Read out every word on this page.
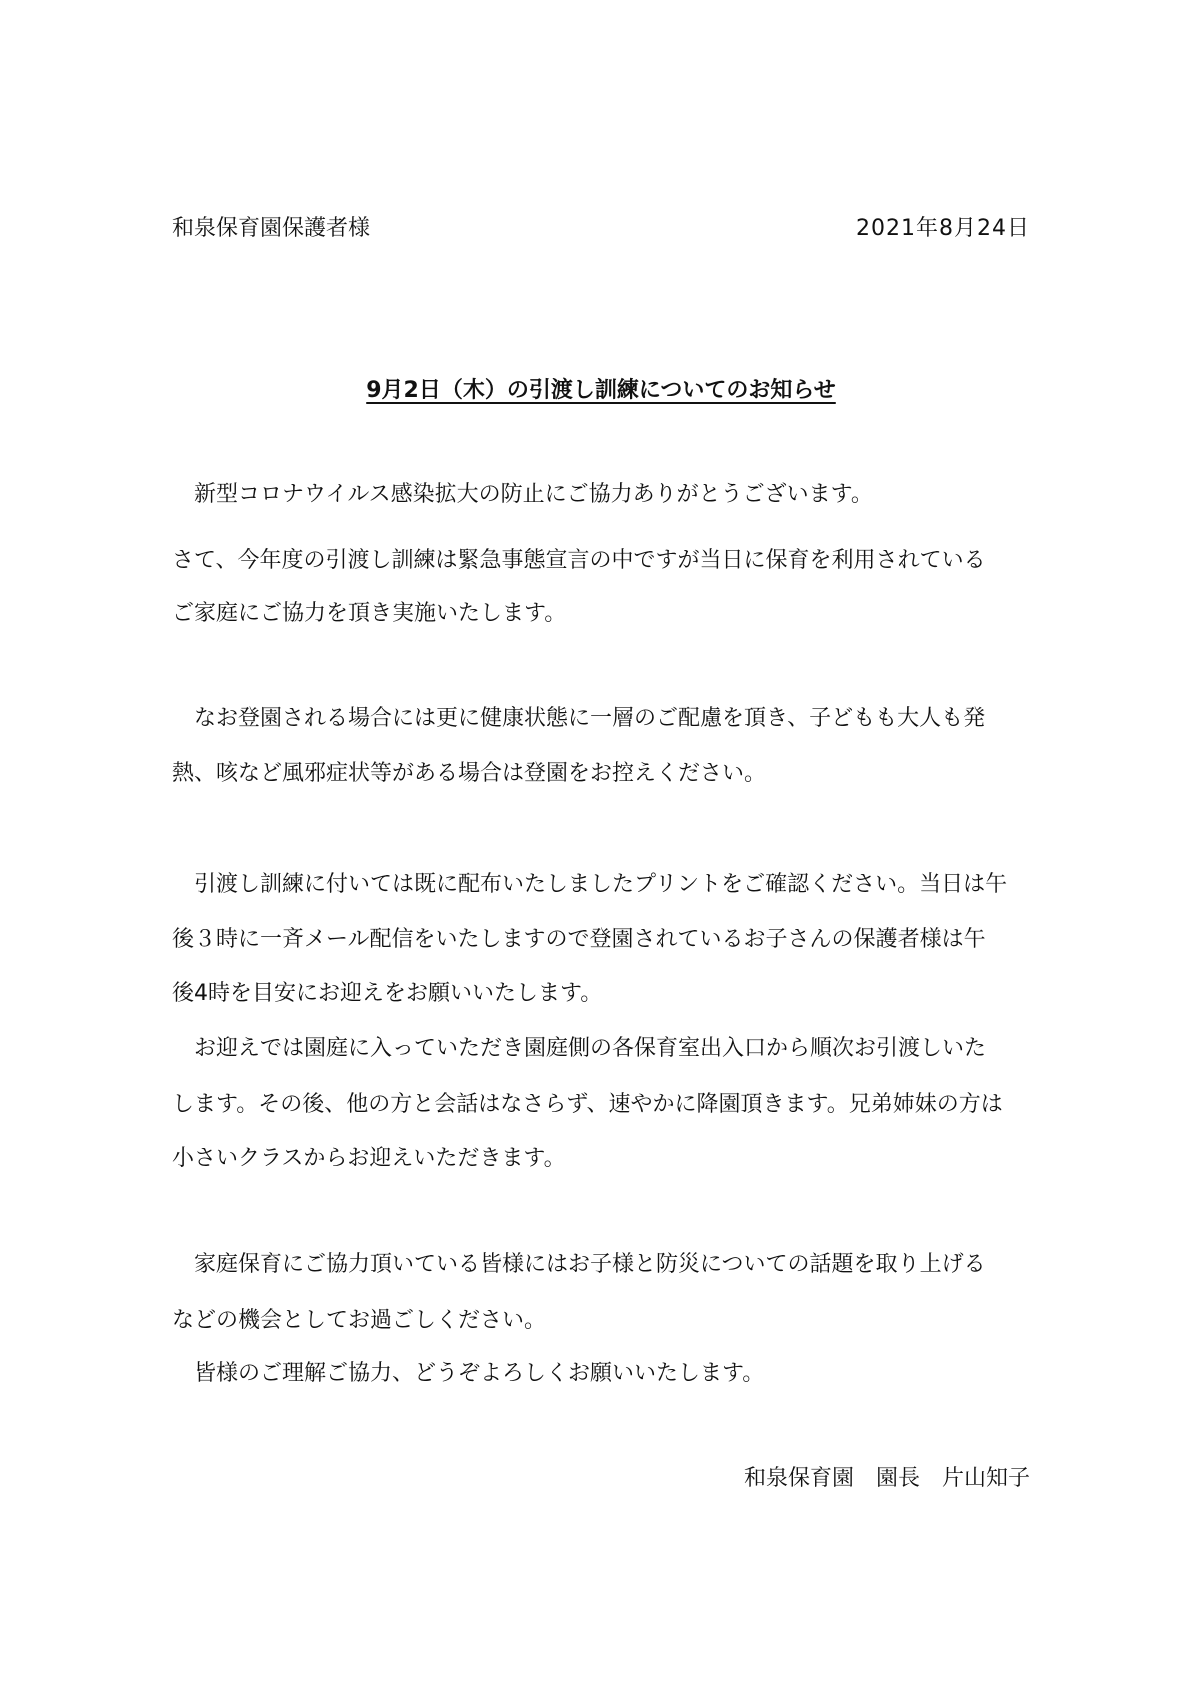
和泉保育園保護者様	2021年8月24日
9月2日（木）の引渡し訓練についてのお知らせ
　新型コロナウイルス感染拡大の防止にご協力ありがとうございます。
さて、今年度の引渡し訓練は緊急事態宣言の中ですが当日に保育を利用されている
ご家庭にご協力を頂き実施いたします。
　なお登園される場合には更に健康状態に一層のご配慮を頂き、子どもも大人も発
熱、咳など風邪症状等がある場合は登園をお控えください。
　引渡し訓練に付いては既に配布いたしましたプリントをご確認ください。当日は午
後３時に一斉メール配信をいたしますので登園されているお子さんの保護者様は午
後4時を目安にお迎えをお願いいたします。
　お迎えでは園庭に入っていただき園庭側の各保育室出入口から順次お引渡しいた
します。その後、他の方と会話はなさらず、速やかに降園頂きます。兄弟姉妹の方は
小さいクラスからお迎えいただきます。
　家庭保育にご協力頂いている皆様にはお子様と防災についての話題を取り上げる
などの機会としてお過ごしください。
　皆様のご理解ご協力、どうぞよろしくお願いいたします。
和泉保育園　園長　片山知子
